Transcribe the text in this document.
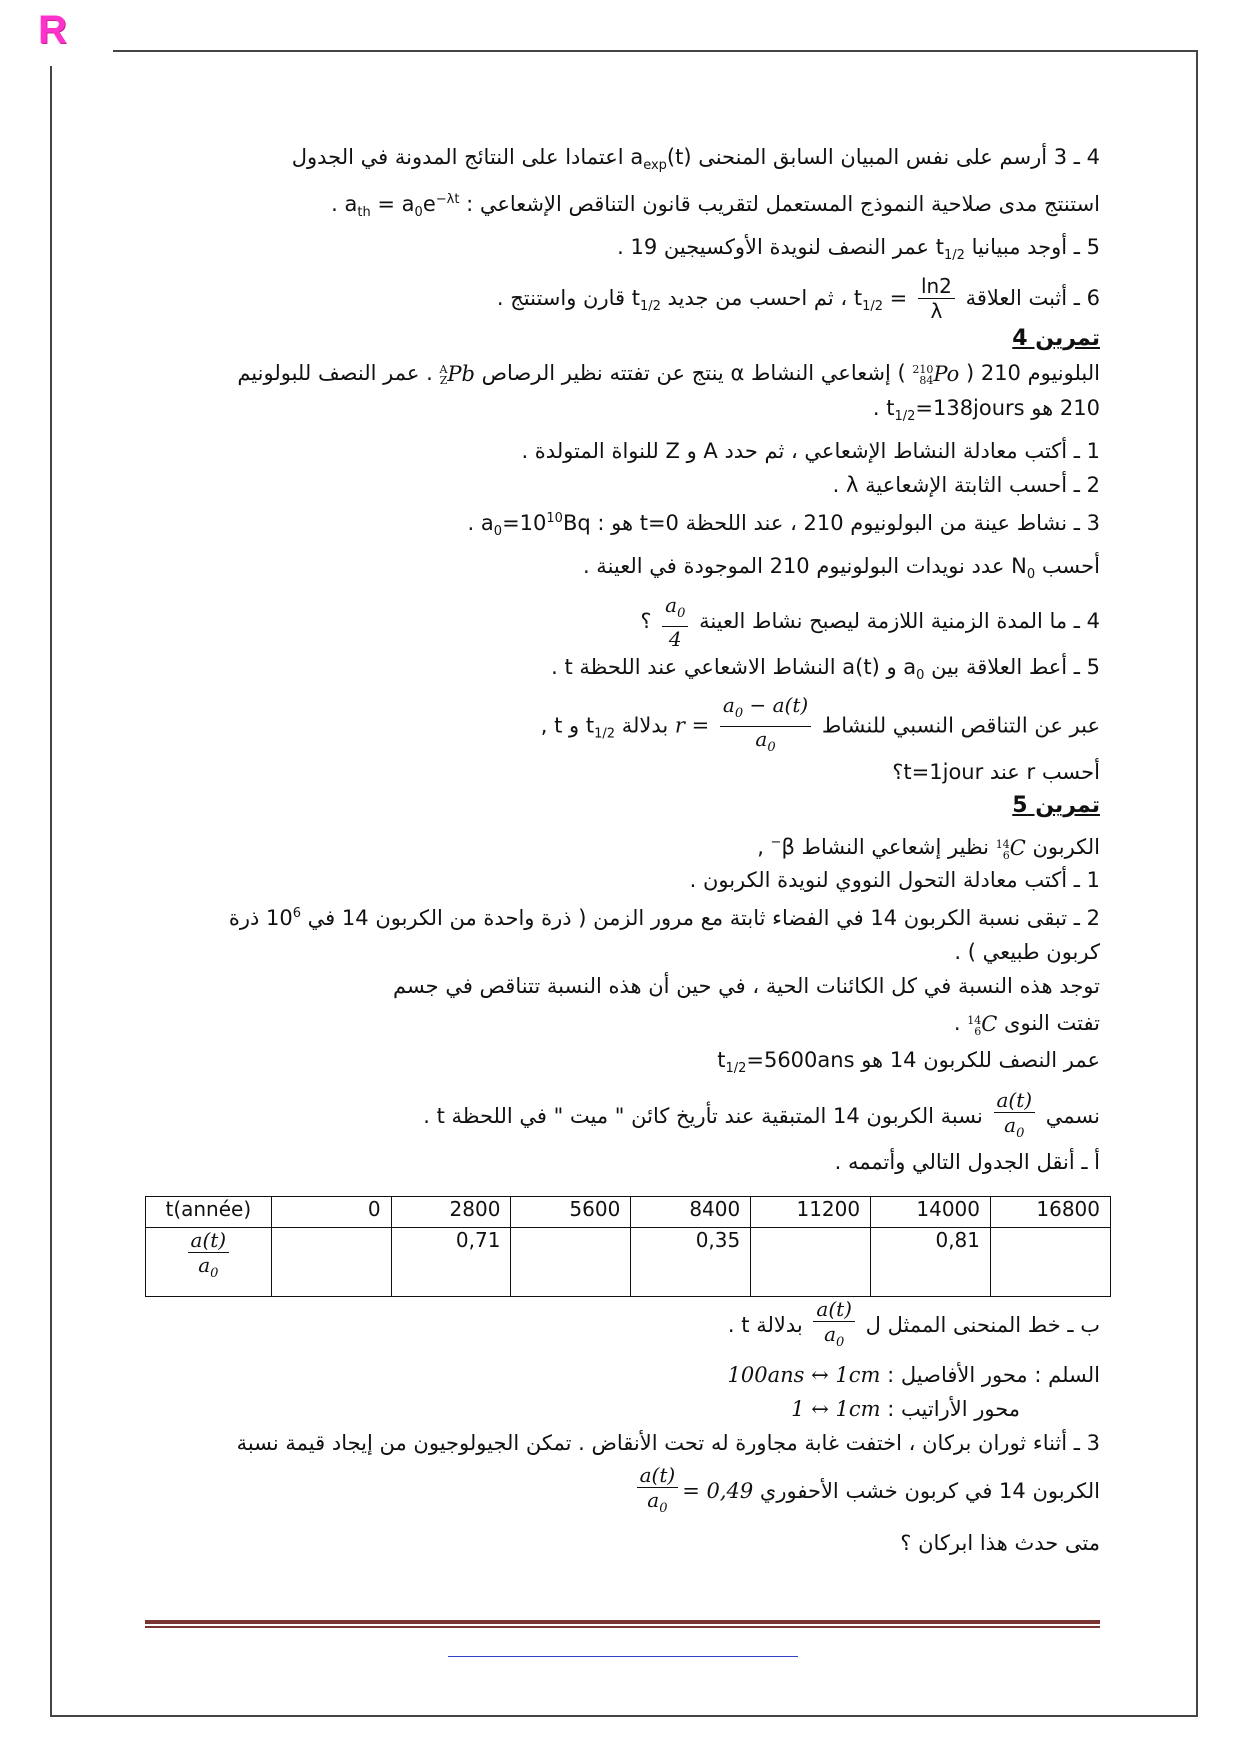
R
4 ـ 3 أرسم على نفس المبيان السابق المنحنى $a_{exp}(t)$ اعتمادا على النتائج المدونة في الجدول
استنتج مدى صلاحية النموذج المستعمل لتقريب قانون التناقص الإشعاعي : $a_{th} = a_0e^{-\lambda t}$ .
5 ـ أوجد مبيانيا $t_{1/2}$ عمر النصف لنويدة الأوكسيجين 19 .
6 ـ أثبت العلاقة $t_{1/2} = \frac{\ln 2}{\lambda}$
، ثم احسب من جديد $t_{1/2}$ قارن واستنتج .
تمرين 4
البلونيوم 210 ( 210
84Po ) إشعاعي النشاط α ينتج عن تفتته نظير الرصاص A
ZPb . عمر النصف للبولونيم
210 هو $t_{1/2}=138jours$ .
1 ـ أكتب معادلة النشاط الإشعاعي ، ثم حدد A و Z للنواة المتولدة .
2 ـ أحسب الثابتة الإشعاعية λ .
3 ـ نشاط عينة من البولونيوم 210 ، عند اللحظة t=0 هو : $a_0=10^{10}Bq$ .
أحسب $N_0$ عدد نويدات البولونيوم 210 الموجودة في العينة .
4 ـ ما المدة الزمنية اللازمة ليصبح نشاط العينة
$\frac{a_0}{4}$
؟
5 ـ أعط العلاقة بين $a_0$ و a(t) النشاط الاشعاعي عند اللحظة t .
عبر عن التناقص النسبي للنشاط $r = \frac{a_0 - a(t)}{a_0}$
بدلالة $t_{1/2}$ و t ,
أحسب r عند t=1jour؟
تمرين 5
الكربون 14
6C نظير إشعاعي النشاط β− ,
1 ـ أكتب معادلة التحول النووي لنويدة الكربون .
2 ـ تبقى نسبة الكربون 14 في الفضاء ثابتة مع مرور الزمن ( ذرة واحدة من الكربون 14 في $10^6$ ذرة
كربون طبيعي ) .
توجد هذه النسبة في كل الكائنات الحية ، في حين أن هذه النسبة تتناقص في جسم
تفتت النوى 14
6C .
عمر النصف للكربون 14 هو $t_{1/2}=5600ans$
نسمي
$\frac{a(t)}{a_0}$
نسبة الكربون 14 المتبقية عند تأريخ كائن " ميت " في اللحظة t .
أ ـ أنقل الجدول التالي وأتممه .
t(année)	0	2800	5600	8400	11200	14000	16800

$\frac{a(t)}{a_0}$		0,71		0,35		0,81	
ب ـ خط المنحنى الممثل ل
$\frac{a(t)}{a_0}$
بدلالة t .
السلم : محور الأفاصيل : 100ans ↔ 1cm
محور الأراتيب : 1 ↔ 1cm
3 ـ أثناء ثوران بركان ، اختفت غابة مجاورة له تحت الأنقاض . تمكن الجيولوجيون من إيجاد قيمة نسبة
الكربون 14 في كربون خشب الأحفوري
$\frac{a(t)}{a_0} = 0,49$
متى حدث هذا ابركان ؟
